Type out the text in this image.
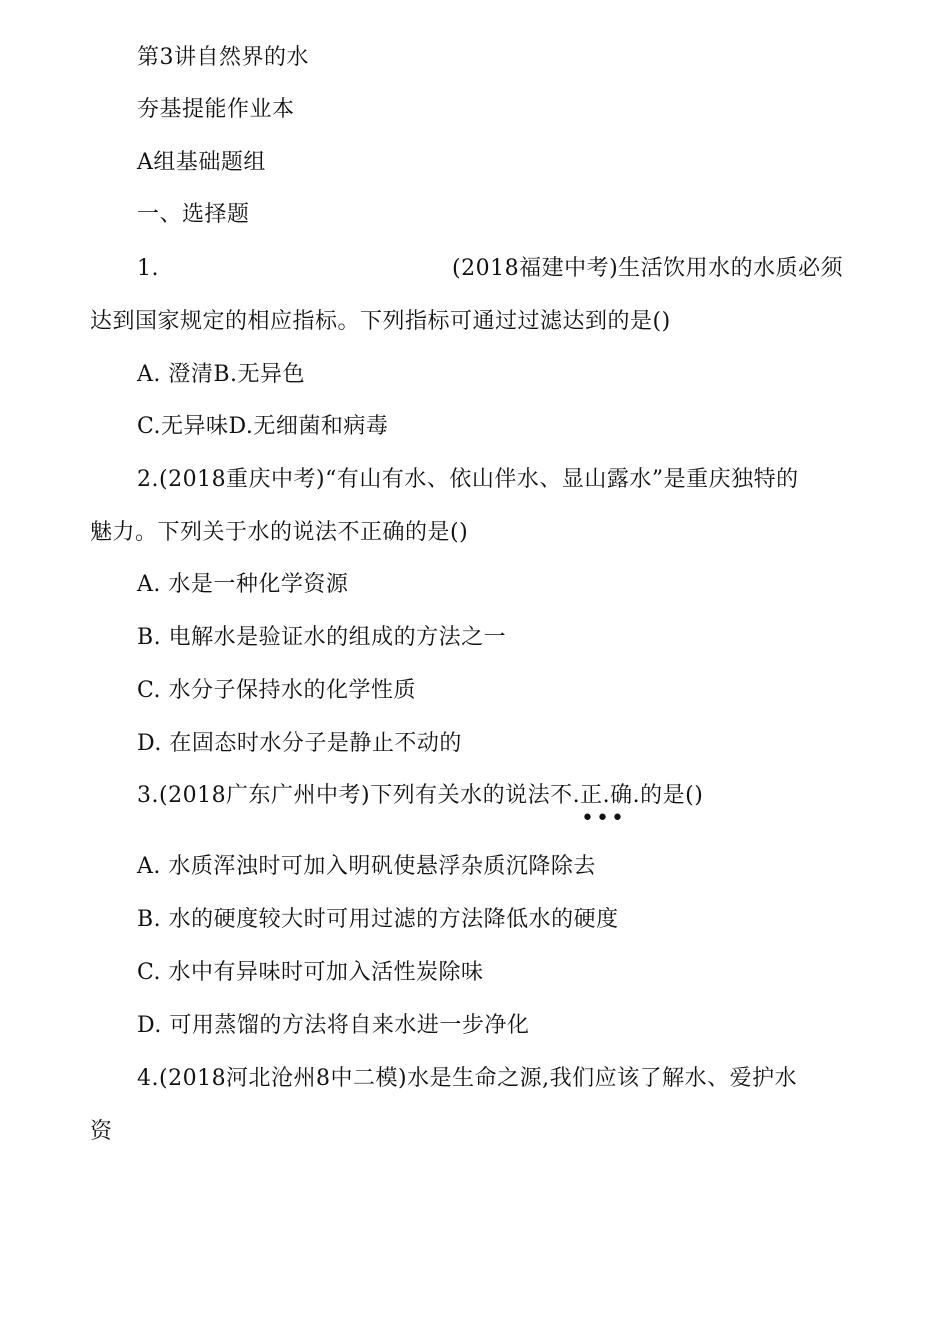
第3讲自然界的水
夯基提能作业本
A组基础题组
一、选择题
1.	(2018福建中考)生活饮用水的水质必须
达到国家规定的相应指标。下列指标可通过过滤达到的是()
A. 澄清B.无异色
C.无异味D.无细菌和病毒
2.(2018重庆中考)“有山有水、依山伴水、显山露水”是重庆独特的
魅力。下列关于水的说法不正确的是()
A. 水是一种化学资源
B. 电解水是验证水的组成的方法之一
C. 水分子保持水的化学性质
D. 在固态时水分子是静止不动的
3.(2018广东广州中考)下列有关水的说法不.正.确.的是()
•••
A. 水质浑浊时可加入明矾使悬浮杂质沉降除去
B. 水的硬度较大时可用过滤的方法降低水的硬度
C. 水中有异味时可加入活性炭除味
D. 可用蒸馏的方法将自来水进一步净化
4.(2018河北沧州8中二模)水是生命之源,我们应该了解水、爱护水
资
